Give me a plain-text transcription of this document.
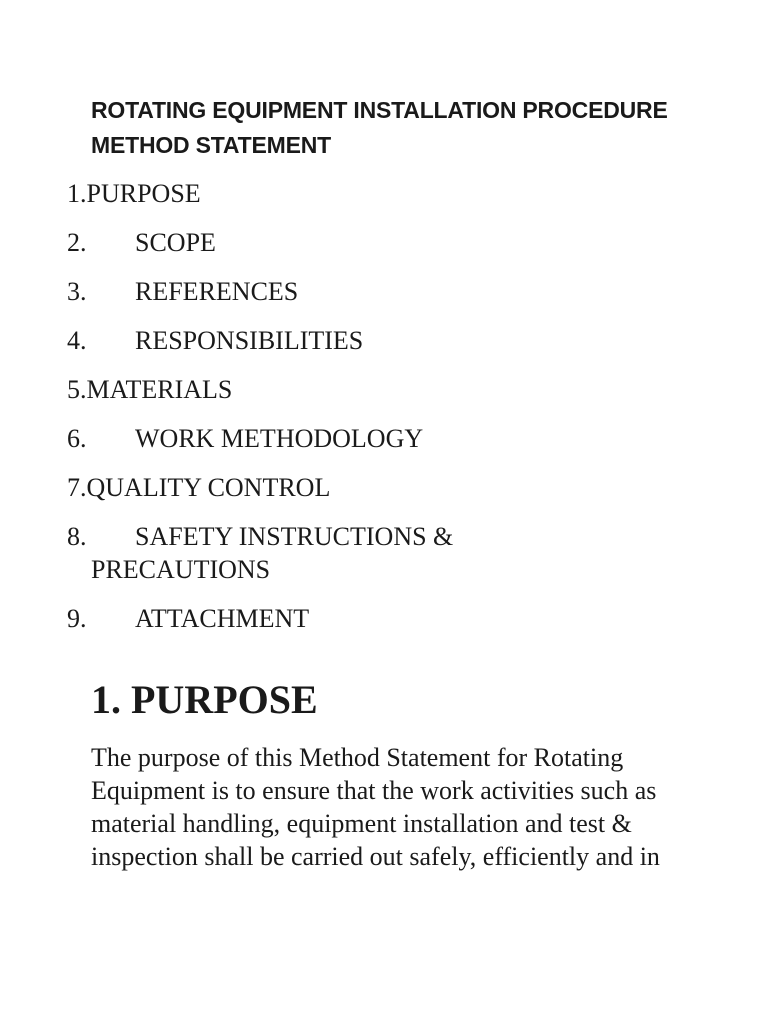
ROTATING EQUIPMENT INSTALLATION PROCEDURE
METHOD STATEMENT
1.PURPOSE
2. SCOPE
3. REFERENCES
4. RESPONSIBILITIES
5.MATERIALS
6. WORK METHODOLOGY
7.QUALITY CONTROL
8. SAFETY INSTRUCTIONS &
PRECAUTIONS
9. ATTACHMENT
1. PURPOSE

The purpose of this Method Statement for Rotating Equipment is to ensure that the work activities such as material handling, equipment installation and test & inspection shall be carried out safely, efficiently and in
